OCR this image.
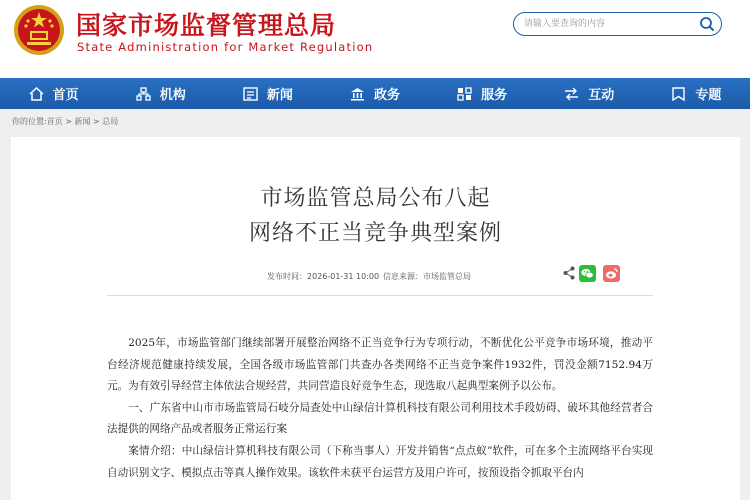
国家市场监督管理总局
State Administration for Market Regulation
请输入要查询的内容
首页	机构	新闻	政务	服务	互动	专题
你的位置:首页 > 新闻 > 总局
市场监管总局公布八起
网络不正当竞争典型案例
发布时间：2026-01-31 10:00 信息来源：市场监管总局

2025年，市场监管部门继续部署开展整治网络不正当竞争行为专项行动，不断优化公平竞争市场环境，推动平台经济规范健康持续发展，全国各级市场监管部门共查办各类网络不正当竞争案件1932件，罚没金额7152.94万元。为有效引导经营主体依法合规经营，共同营造良好竞争生态，现选取八起典型案例予以公布。

一、广东省中山市市场监管局石岐分局查处中山绿信计算机科技有限公司利用技术手段妨碍、破坏其他经营者合法提供的网络产品或者服务正常运行案

案情介绍：中山绿信计算机科技有限公司（下称当事人）开发并销售“点点蚁”软件，可在多个主流网络平台实现自动识别文字、模拟点击等真人操作效果。该软件未获平台运营方及用户许可，按预设指令抓取平台内
